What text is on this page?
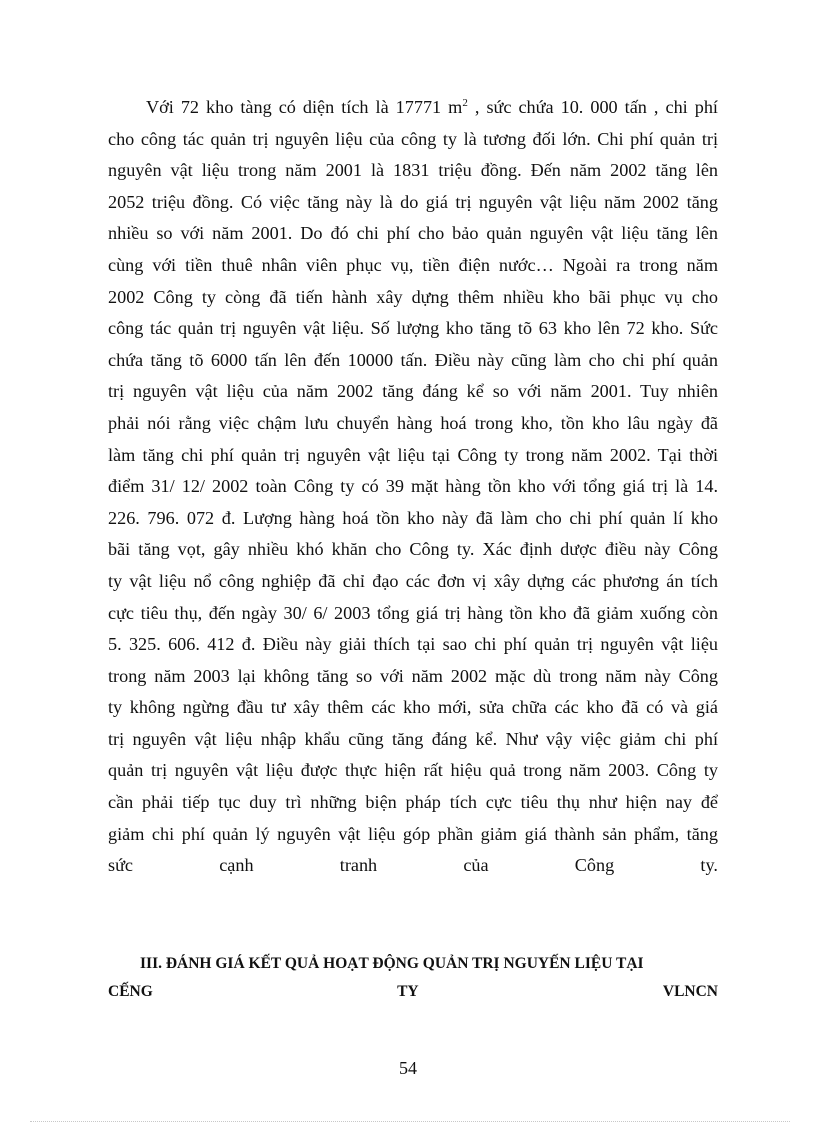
Với 72 kho tàng có diện tích là 17771 $m^2$ , sức chứa 10. 000 tấn , chi phí
cho công tác quản trị nguyên liệu của công ty là tương đối lớn. Chi phí quản trị
nguyên vật liệu trong năm 2001 là 1831 triệu đồng. Đến năm 2002 tăng lên
2052 triệu đồng. Có việc tăng này là do giá trị nguyên vật liệu năm 2002 tăng
nhiều so với năm 2001. Do đó chi phí cho bảo quản nguyên vật liệu tăng lên
cùng với tiền thuê nhân viên phục vụ, tiền điện nước… Ngoài ra trong năm
2002 Công ty còng đã tiến hành xây dựng thêm nhiều kho bãi phục vụ cho
công tác quản trị nguyên vật liệu. Số lượng kho tăng tõ 63 kho lên 72 kho. Sức
chứa tăng tõ 6000 tấn lên đến 10000 tấn. Điều này cũng làm cho chi phí quản
trị nguyên vật liệu của năm 2002 tăng đáng kể so với năm 2001. Tuy nhiên
phải nói rằng việc chậm lưu chuyển hàng hoá trong kho, tồn kho lâu ngày đã
làm tăng chi phí quản trị nguyên vật liệu tại Công ty trong năm 2002. Tại thời
điểm 31/ 12/ 2002 toàn Công ty có 39 mặt hàng tồn kho với tổng giá trị là 14.
226. 796. 072 đ. Lượng hàng hoá tồn kho này đã làm cho chi phí quản lí kho
bãi tăng vọt, gây nhiều khó khăn cho Công ty. Xác định dược điều này Công
ty vật liệu nổ công nghiệp đã chỉ đạo các đơn vị xây dựng các phương án tích
cực tiêu thụ, đến ngày 30/ 6/ 2003 tổng giá trị hàng tồn kho đã giảm xuống còn
5. 325. 606. 412 đ. Điều này giải thích tại sao chi phí quản trị nguyên vật liệu
trong năm 2003 lại không tăng so với năm 2002 mặc dù trong năm này Công
ty không ngừng đầu tư xây thêm các kho mới, sửa chữa các kho đã có và giá
trị nguyên vật liệu nhập khẩu cũng tăng đáng kể. Như vậy việc giảm chi phí
quản trị nguyên vật liệu được thực hiện rất hiệu quả trong năm 2003. Công ty
cần phải tiếp tục duy trì những biện pháp tích cực tiêu thụ như hiện nay để
giảm chi phí quản lý nguyên vật liệu góp phần giảm giá thành sản phẩm, tăng
sức	cạnh	tranh	của	Công	ty.
III. ĐÁNH GIÁ KẾT QUẢ HOẠT ĐỘNG QUẢN TRỊ NGUYẾN LIỆU TẠI
CẾNG	TY	VLNCN
54
